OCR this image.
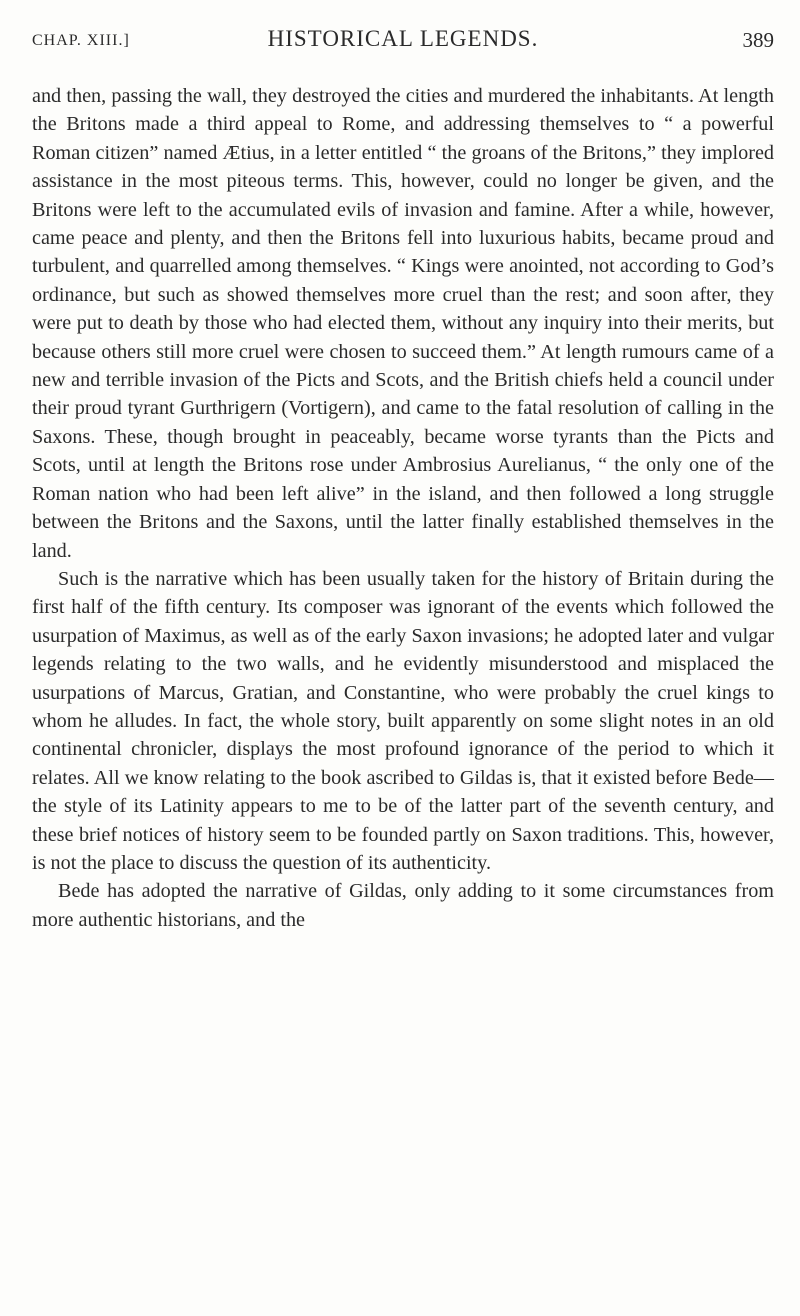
CHAP. XIII.]	HISTORICAL LEGENDS.	389

and then, passing the wall, they destroyed the cities and murdered the inhabitants. At length the Britons made a third appeal to Rome, and addressing themselves to “ a powerful Roman citizen” named Ætius, in a letter entitled “ the groans of the Britons,” they implored assistance in the most piteous terms. This, however, could no longer be given, and the Britons were left to the accumulated evils of invasion and famine. After a while, however, came peace and plenty, and then the Britons fell into luxurious habits, became proud and turbulent, and quarrelled among themselves. “ Kings were anointed, not according to God’s ordinance, but such as showed themselves more cruel than the rest; and soon after, they were put to death by those who had elected them, without any inquiry into their merits, but because others still more cruel were chosen to succeed them.” At length rumours came of a new and terrible invasion of the Picts and Scots, and the British chiefs held a council under their proud tyrant Gurthrigern (Vortigern), and came to the fatal resolution of calling in the Saxons. These, though brought in peaceably, became worse tyrants than the Picts and Scots, until at length the Britons rose under Ambrosius Aurelianus, “ the only one of the Roman nation who had been left alive” in the island, and then followed a long struggle between the Britons and the Saxons, until the latter finally established themselves in the land.

Such is the narrative which has been usually taken for the history of Britain during the first half of the fifth century. Its composer was ignorant of the events which followed the usurpation of Maximus, as well as of the early Saxon invasions; he adopted later and vulgar legends relating to the two walls, and he evidently misunderstood and misplaced the usurpations of Marcus, Gratian, and Constantine, who were probably the cruel kings to whom he alludes. In fact, the whole story, built apparently on some slight notes in an old continental chronicler, displays the most profound ignorance of the period to which it relates. All we know relating to the book ascribed to Gildas is, that it existed before Bede—the style of its Latinity appears to me to be of the latter part of the seventh century, and these brief notices of history seem to be founded partly on Saxon traditions. This, however, is not the place to discuss the question of its authenticity.

Bede has adopted the narrative of Gildas, only adding to it some circumstances from more authentic historians, and the
